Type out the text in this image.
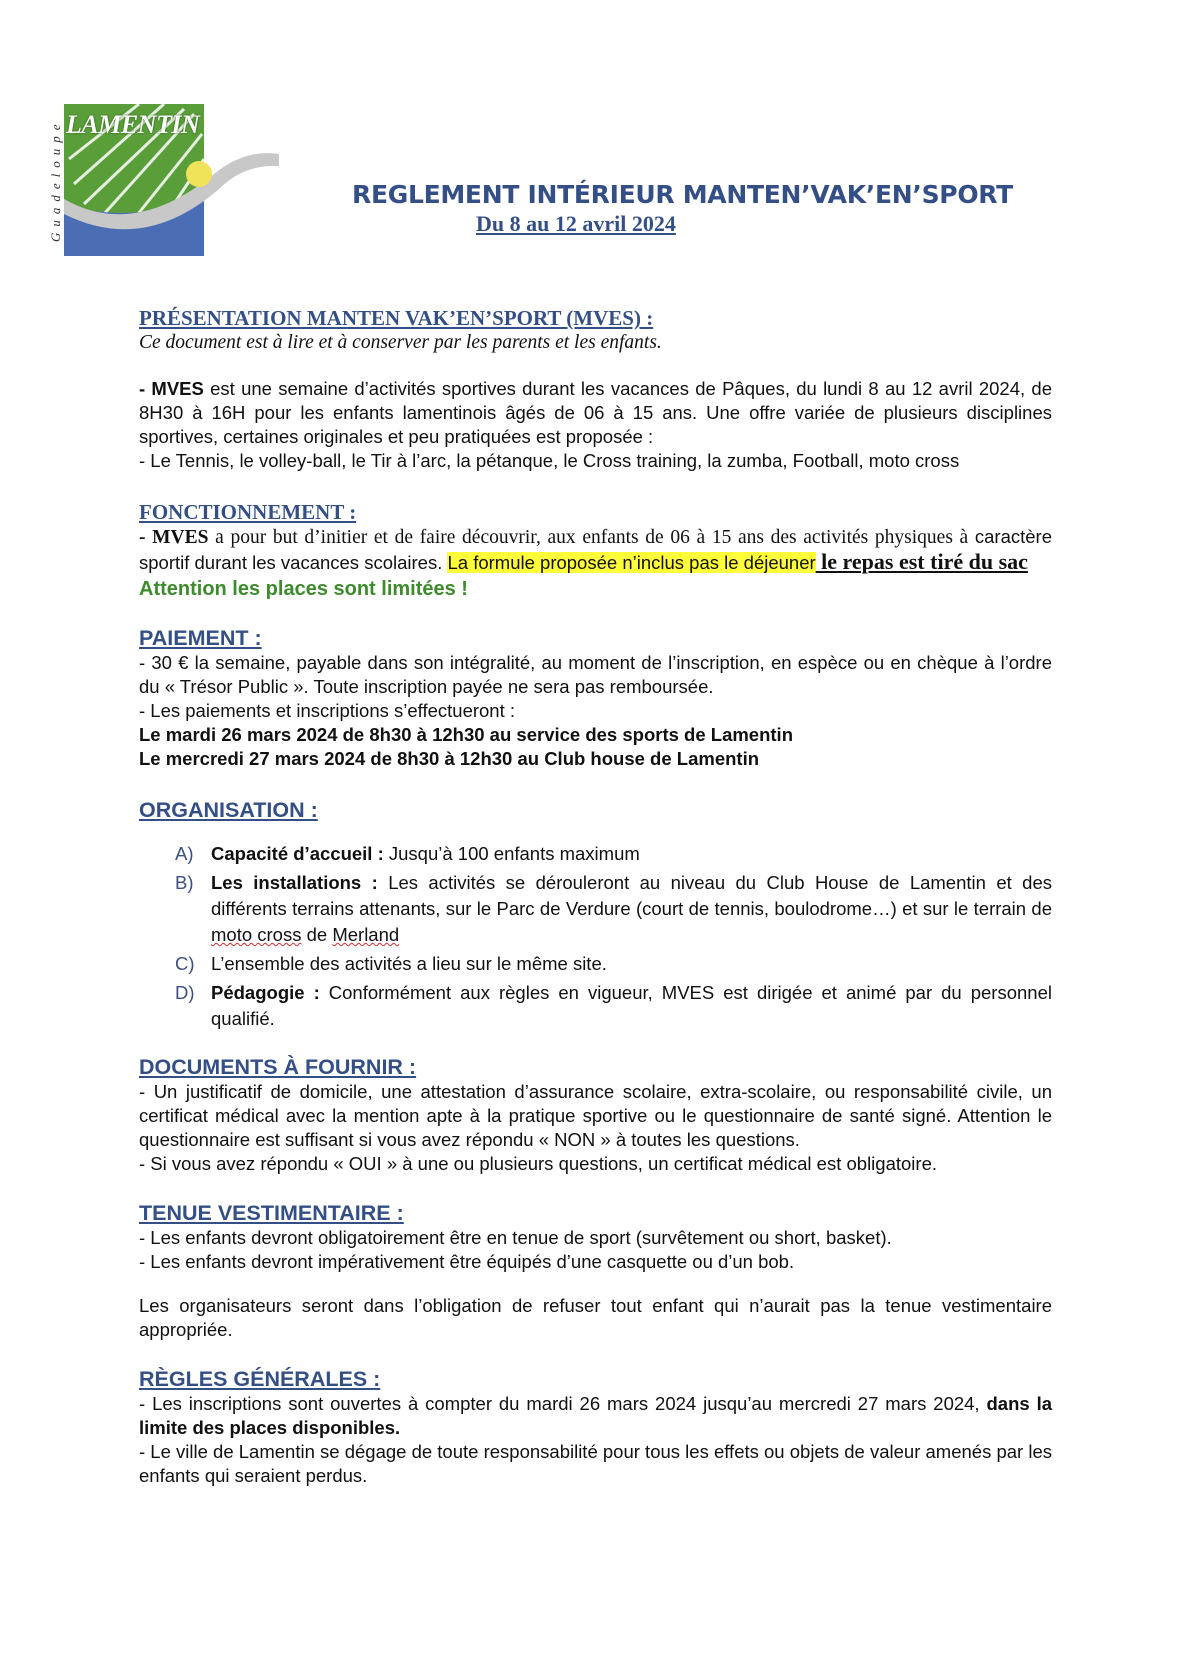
LAMENTIN
Guadeloupe	REGLEMENT INTÉRIEUR MANTEN’VAK’EN’SPORT
Du 8 au 12 avril 2024
PRÉSENTATION MANTEN VAK’EN’SPORT (MVES) :
Ce document est à lire et à conserver par les parents et les enfants.

- MVES est une semaine d’activités sportives durant les vacances de Pâques, du lundi 8 au 12 avril 2024, de 8H30 à 16H pour les enfants lamentinois âgés de 06 à 15 ans. Une offre variée de plusieurs disciplines sportives, certaines originales et peu pratiquées est proposée :

- Le Tennis, le volley-ball, le Tir à l’arc, la pétanque, le Cross training, la zumba, Football, moto cross

FONCTIONNEMENT :

- MVES a pour but d’initier et de faire découvrir, aux enfants de 06 à 15 ans des activités physiques à caractère sportif durant les vacances scolaires. La formule proposée n’inclus pas le déjeuner le repas est tiré du sac

Attention les places sont limitées !
PAIEMENT :

- 30 € la semaine, payable dans son intégralité, au moment de l’inscription, en espèce ou en chèque à l’ordre du « Trésor Public ». Toute inscription payée ne sera pas remboursée.

- Les paiements et inscriptions s’effectueront :

Le mardi 26 mars 2024 de 8h30 à 12h30 au service des sports de Lamentin

Le mercredi 27 mars 2024 de 8h30 à 12h30 au Club house de Lamentin

ORGANISATION :
A) Capacité d’accueil : Jusqu’à 100 enfants maximum
B) Les installations : Les activités se dérouleront au niveau du Club House de Lamentin et des différents terrains attenants, sur le Parc de Verdure (court de tennis, boulodrome…) et sur le terrain de moto cross de Merland
C) L’ensemble des activités a lieu sur le même site.
D) Pédagogie : Conformément aux règles en vigueur, MVES est dirigée et animé par du personnel qualifié.
DOCUMENTS À FOURNIR :

- Un justificatif de domicile, une attestation d’assurance scolaire, extra-scolaire, ou responsabilité civile, un certificat médical avec la mention apte à la pratique sportive ou le questionnaire de santé signé. Attention le questionnaire est suffisant si vous avez répondu « NON » à toutes les questions.

- Si vous avez répondu « OUI » à une ou plusieurs questions, un certificat médical est obligatoire.

TENUE VESTIMENTAIRE :

- Les enfants devront obligatoirement être en tenue de sport (survêtement ou short, basket).

- Les enfants devront impérativement être équipés d’une casquette ou d’un bob.

Les organisateurs seront dans l’obligation de refuser tout enfant qui n’aurait pas la tenue vestimentaire appropriée.

RÈGLES GÉNÉRALES :

- Les inscriptions sont ouvertes à compter du mardi 26 mars 2024 jusqu’au mercredi 27 mars 2024, dans la limite des places disponibles.

- Le ville de Lamentin se dégage de toute responsabilité pour tous les effets ou objets de valeur amenés par les enfants qui seraient perdus.
